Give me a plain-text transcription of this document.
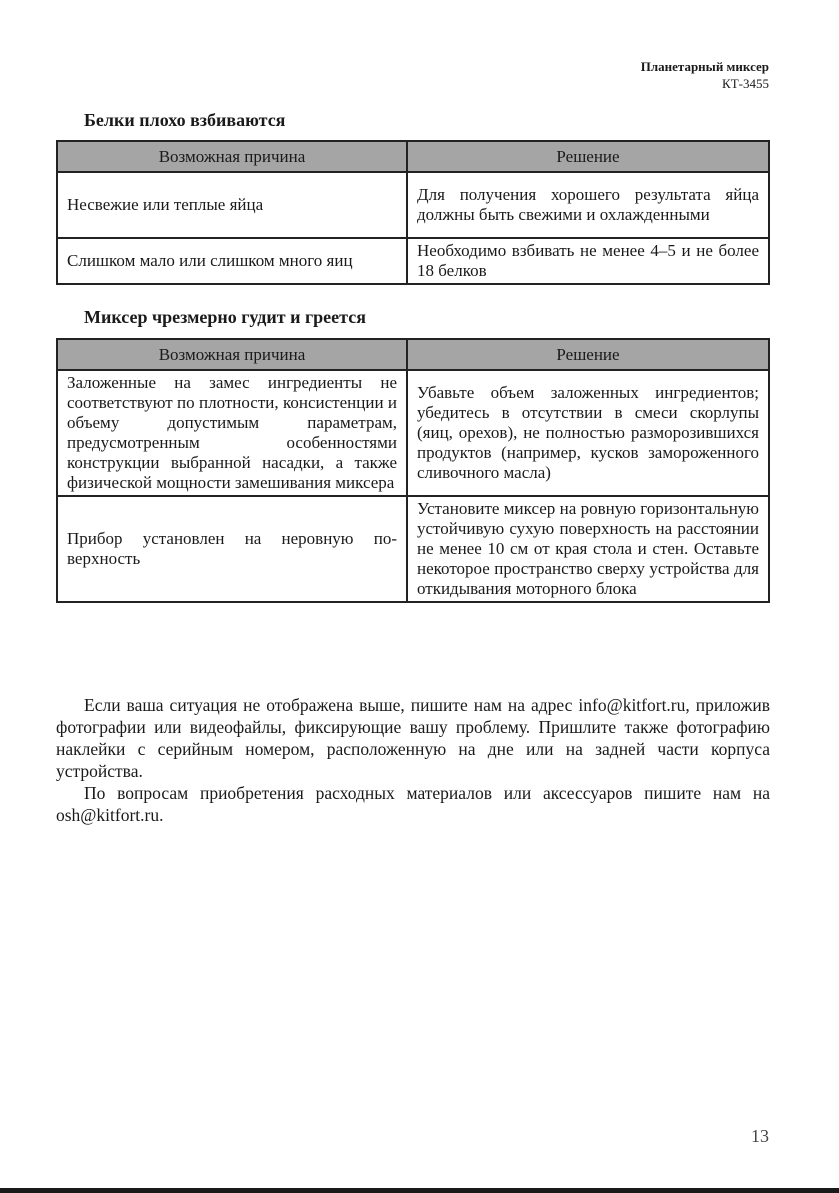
Планетарный миксер
КТ-3455
Белки плохо взбиваются
Возможная причина	Решение
Несвежие или теплые яйца	Для получения хорошего результата яйца должны быть свежими и охлажденными
Слишком мало или слишком много яиц	Необходимо взбивать не менее 4–5 и не более 18 белков
Миксер чрезмерно гудит и греется
Возможная причина	Решение
Заложенные на замес ингредиенты не соответствуют по плотности, консистенции и объему допустимым параметрам, предусмотренным особенностями конструкции выбранной насадки, а также физической мощности замешивания миксера	Убавьте объем заложенных ингредиентов; убедитесь в отсутствии в смеси скорлупы (яиц, орехов), не полностью разморозившихся продуктов (например, кусков замороженного сливочного масла)
Прибор установлен на неровную поверхность	Установите миксер на ровную горизонтальную устойчивую сухую поверхность на расстоянии не менее 10 см от края стола и стен. Оставьте некоторое пространство сверху устройства для откидывания моторного блока

Если ваша ситуация не отображена выше, пишите нам на адрес info@kitfort.ru, приложив фотографии или видеофайлы, фиксирующие вашу проблему. Пришлите также фотографию наклейки с серийным номером, расположенную на дне или на задней части корпуса устройства.

По вопросам приобретения расходных материалов или аксессуаров пишите нам на osh@kitfort.ru.

13
